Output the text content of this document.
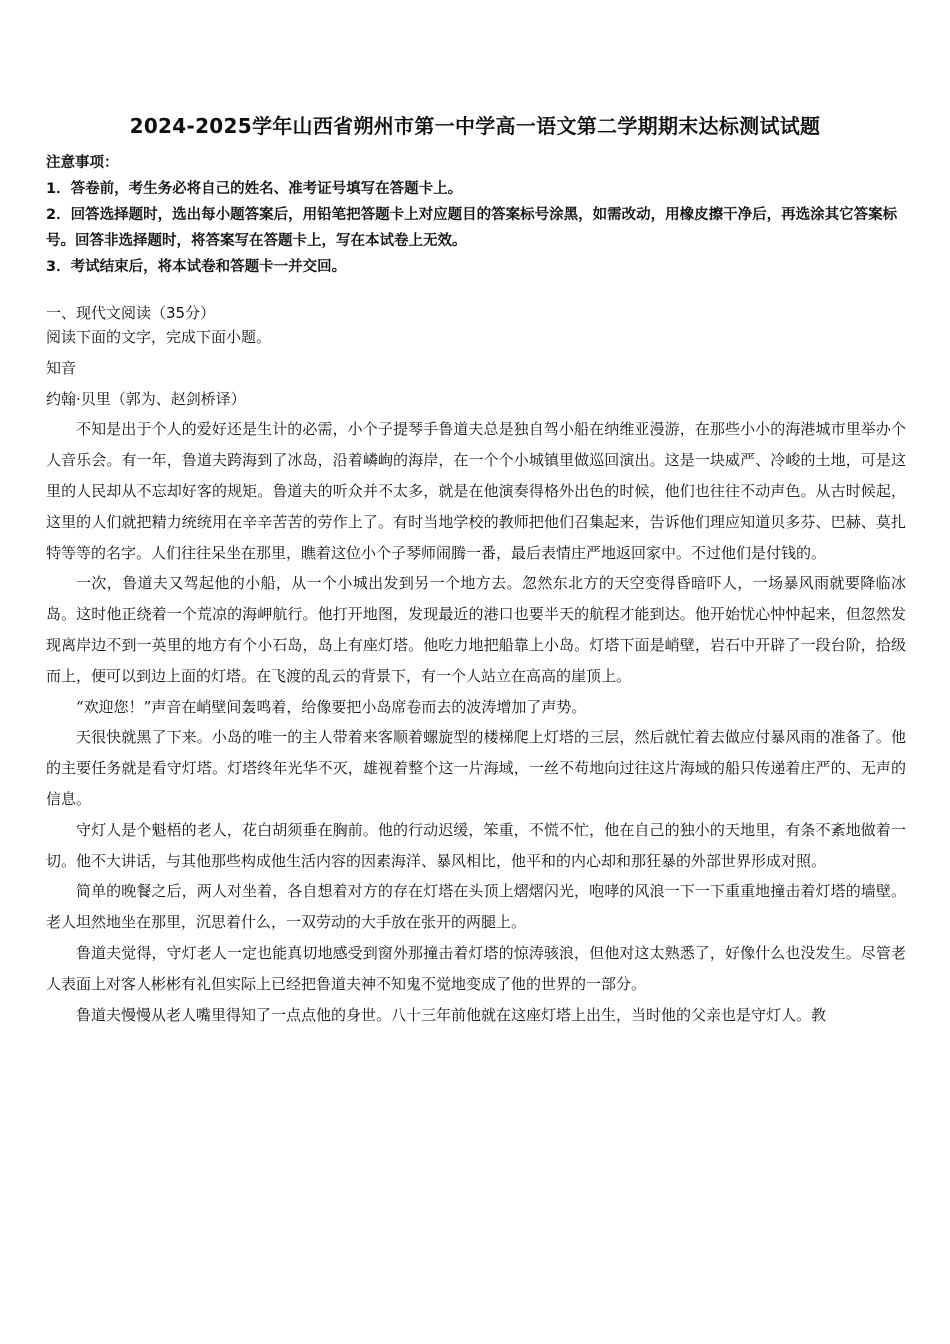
2024-2025学年山西省朔州市第一中学高一语文第二学期期末达标测试试题
注意事项：
1．答卷前，考生务必将自己的姓名、准考证号填写在答题卡上。
2．回答选择题时，选出每小题答案后，用铅笔把答题卡上对应题目的答案标号涂黑，如需改动，用橡皮擦干净后，再选涂其它答案标号。回答非选择题时，将答案写在答题卡上，写在本试卷上无效。
3．考试结束后，将本试卷和答题卡一并交回。
一、现代文阅读（35分）

阅读下面的文字，完成下面小题。

知音

约翰·贝里（郭为、赵剑桥译）

不知是出于个人的爱好还是生计的必需，小个子提琴手鲁道夫总是独自驾小船在纳维亚漫游，在那些小小的海港城市里举办个人音乐会。有一年，鲁道夫跨海到了冰岛，沿着嶙峋的海岸，在一个个小城镇里做巡回演出。这是一块威严、冷峻的土地，可是这里的人民却从不忘却好客的规矩。鲁道夫的听众并不太多，就是在他演奏得格外出色的时候，他们也往往不动声色。从古时候起，这里的人们就把精力统统用在辛辛苦苦的劳作上了。有时当地学校的教师把他们召集起来，告诉他们理应知道贝多芬、巴赫、莫扎特等等的名字。人们往往呆坐在那里，瞧着这位小个子琴师闹腾一番，最后表情庄严地返回家中。不过他们是付钱的。

一次，鲁道夫又驾起他的小船，从一个小城出发到另一个地方去。忽然东北方的天空变得昏暗吓人，一场暴风雨就要降临冰岛。这时他正绕着一个荒凉的海岬航行。他打开地图，发现最近的港口也要半天的航程才能到达。他开始忧心忡忡起来，但忽然发现离岸边不到一英里的地方有个小石岛，岛上有座灯塔。他吃力地把船靠上小岛。灯塔下面是峭壁，岩石中开辟了一段台阶，拾级而上，便可以到边上面的灯塔。在飞渡的乱云的背景下，有一个人站立在高高的崖顶上。

“欢迎您！”声音在峭壁间轰鸣着，给像要把小岛席卷而去的波涛增加了声势。

天很快就黑了下来。小岛的唯一的主人带着来客顺着螺旋型的楼梯爬上灯塔的三层，然后就忙着去做应付暴风雨的准备了。他的主要任务就是看守灯塔。灯塔终年光华不灭，雄视着整个这一片海域，一丝不苟地向过往这片海域的船只传递着庄严的、无声的信息。

守灯人是个魁梧的老人，花白胡须垂在胸前。他的行动迟缓，笨重，不慌不忙，他在自己的独小的天地里，有条不紊地做着一切。他不大讲话，与其他那些构成他生活内容的因素海洋、暴风相比，他平和的内心却和那狂暴的外部世界形成对照。

简单的晚餐之后，两人对坐着，各自想着对方的存在灯塔在头顶上熠熠闪光，咆哮的风浪一下一下重重地撞击着灯塔的墙壁。老人坦然地坐在那里，沉思着什么，一双劳动的大手放在张开的两腿上。

鲁道夫觉得，守灯老人一定也能真切地感受到窗外那撞击着灯塔的惊涛骇浪，但他对这太熟悉了，好像什么也没发生。尽管老人表面上对客人彬彬有礼但实际上已经把鲁道夫神不知鬼不觉地变成了他的世界的一部分。

鲁道夫慢慢从老人嘴里得知了一点点他的身世。八十三年前他就在这座灯塔上出生，当时他的父亲也是守灯人。教
